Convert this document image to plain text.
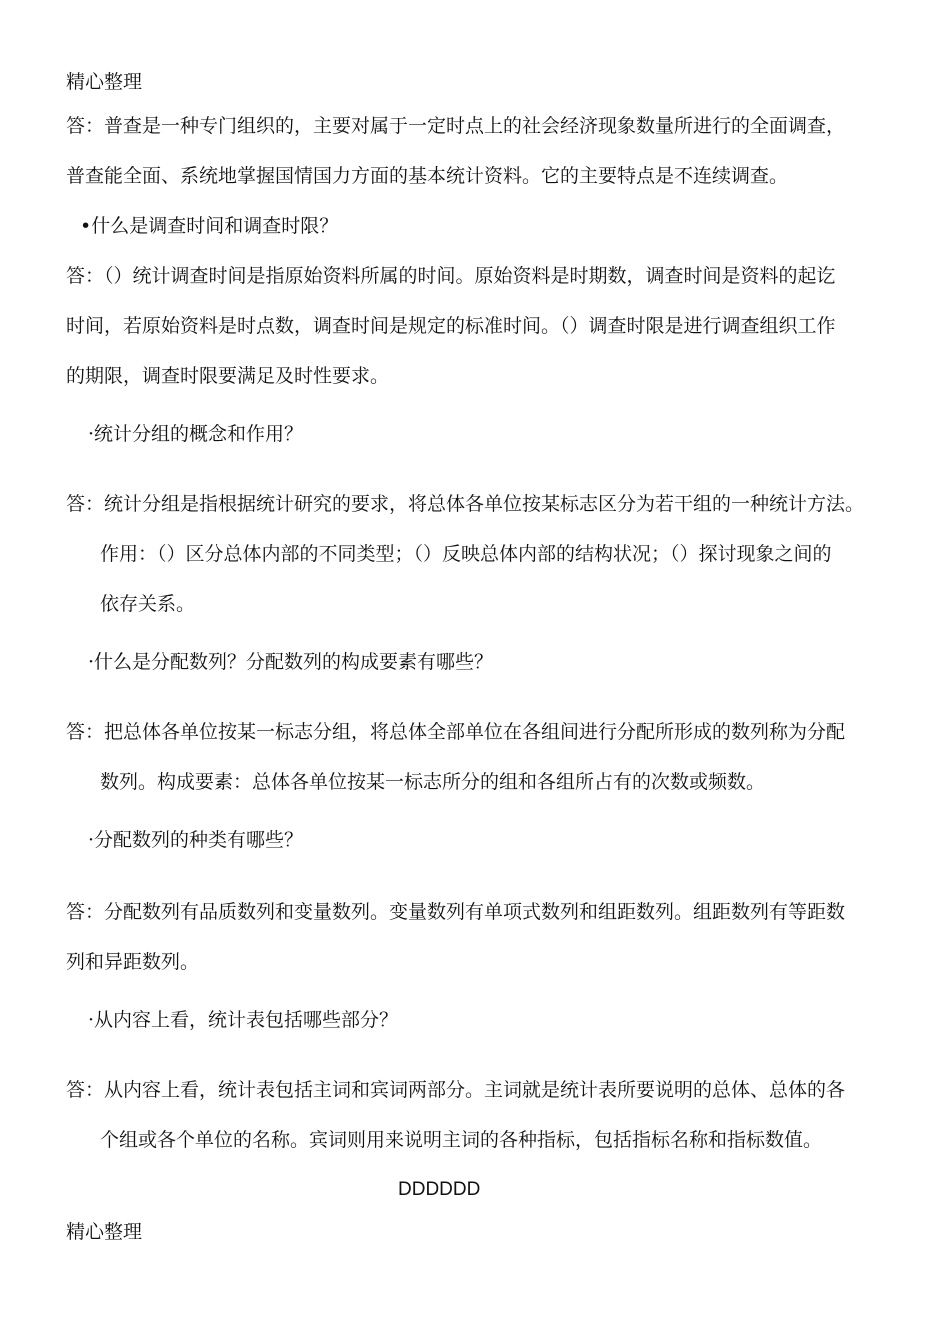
精心整理
答：普查是一种专门组织的，主要对属于一定时点上的社会经济现象数量所进行的全面调查，
普查能全面、系统地掌握国情国力方面的基本统计资料。它的主要特点是不连续调查。
•什么是调查时间和调查时限？
答：（）统计调查时间是指原始资料所属的时间。原始资料是时期数，调查时间是资料的起讫
时间，若原始资料是时点数，调查时间是规定的标准时间。（）调查时限是进行调查组织工作
的期限，调查时限要满足及时性要求。
·统计分组的概念和作用？
答：统计分组是指根据统计研究的要求，将总体各单位按某标志区分为若干组的一种统计方法。
作用：（）区分总体内部的不同类型；（）反映总体内部的结构状况；（）探讨现象之间的
依存关系。
·什么是分配数列？分配数列的构成要素有哪些？
答：把总体各单位按某一标志分组，将总体全部单位在各组间进行分配所形成的数列称为分配
数列。构成要素：总体各单位按某一标志所分的组和各组所占有的次数或频数。
·分配数列的种类有哪些？
答：分配数列有品质数列和变量数列。变量数列有单项式数列和组距数列。组距数列有等距数
列和异距数列。
·从内容上看，统计表包括哪些部分？
答：从内容上看，统计表包括主词和宾词两部分。主词就是统计表所要说明的总体、总体的各
个组或各个单位的名称。宾词则用来说明主词的各种指标，包括指标名称和指标数值。
DDDDDD
精心整理
